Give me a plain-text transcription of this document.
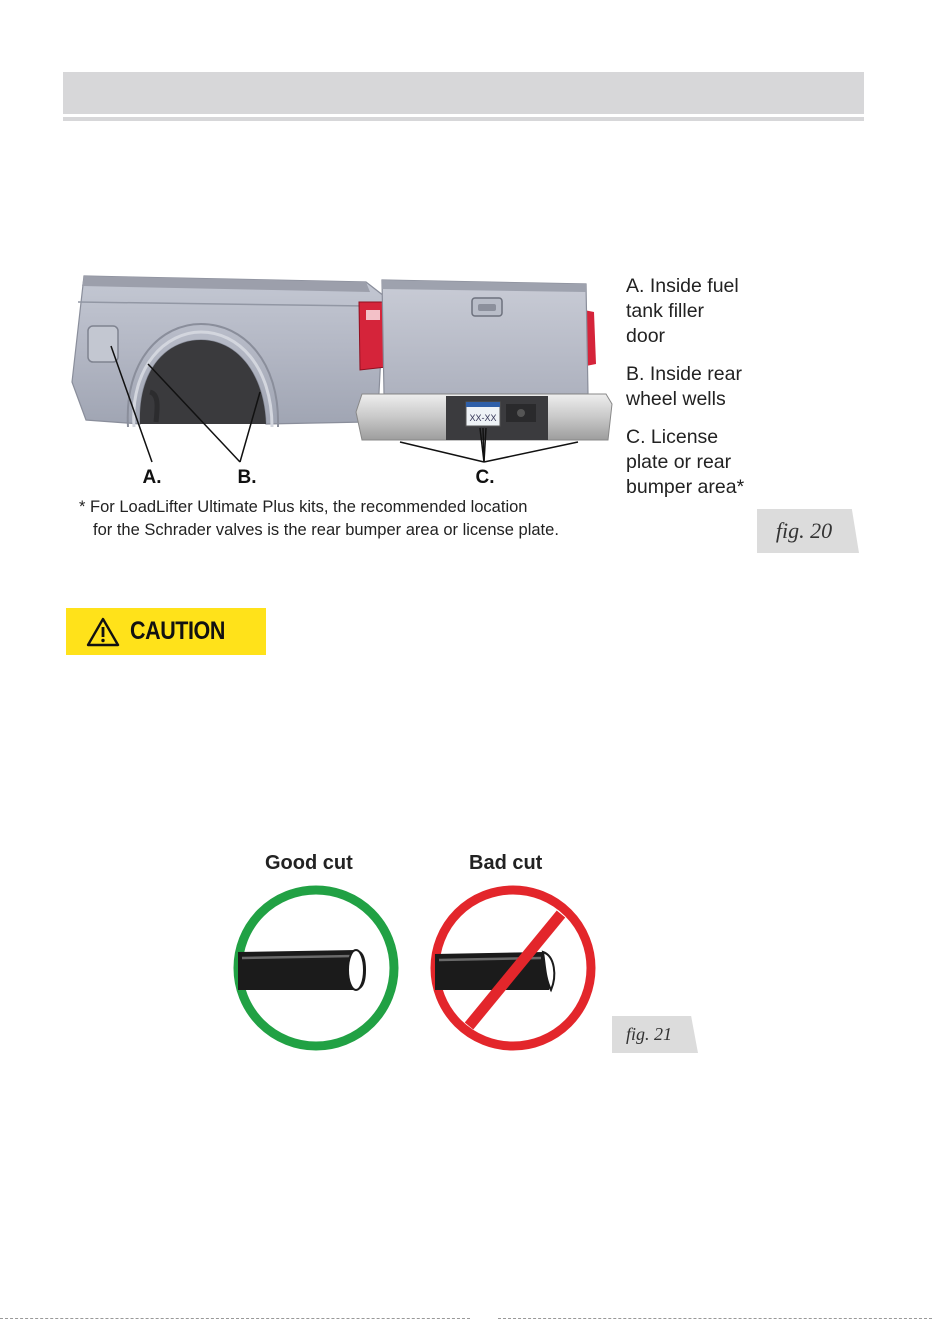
XX-XX
A.	B.	C.

A. Inside fuel
tank filler
door

B. Inside rear
wheel wells

C. License
plate or rear
bumper area*

* For LoadLifter Ultimate Plus kits, the recommended location
for the Schrader valves is the rear bumper area or license plate.	fig. 20
CAUTION
Good cut	Bad cut
fig. 21
